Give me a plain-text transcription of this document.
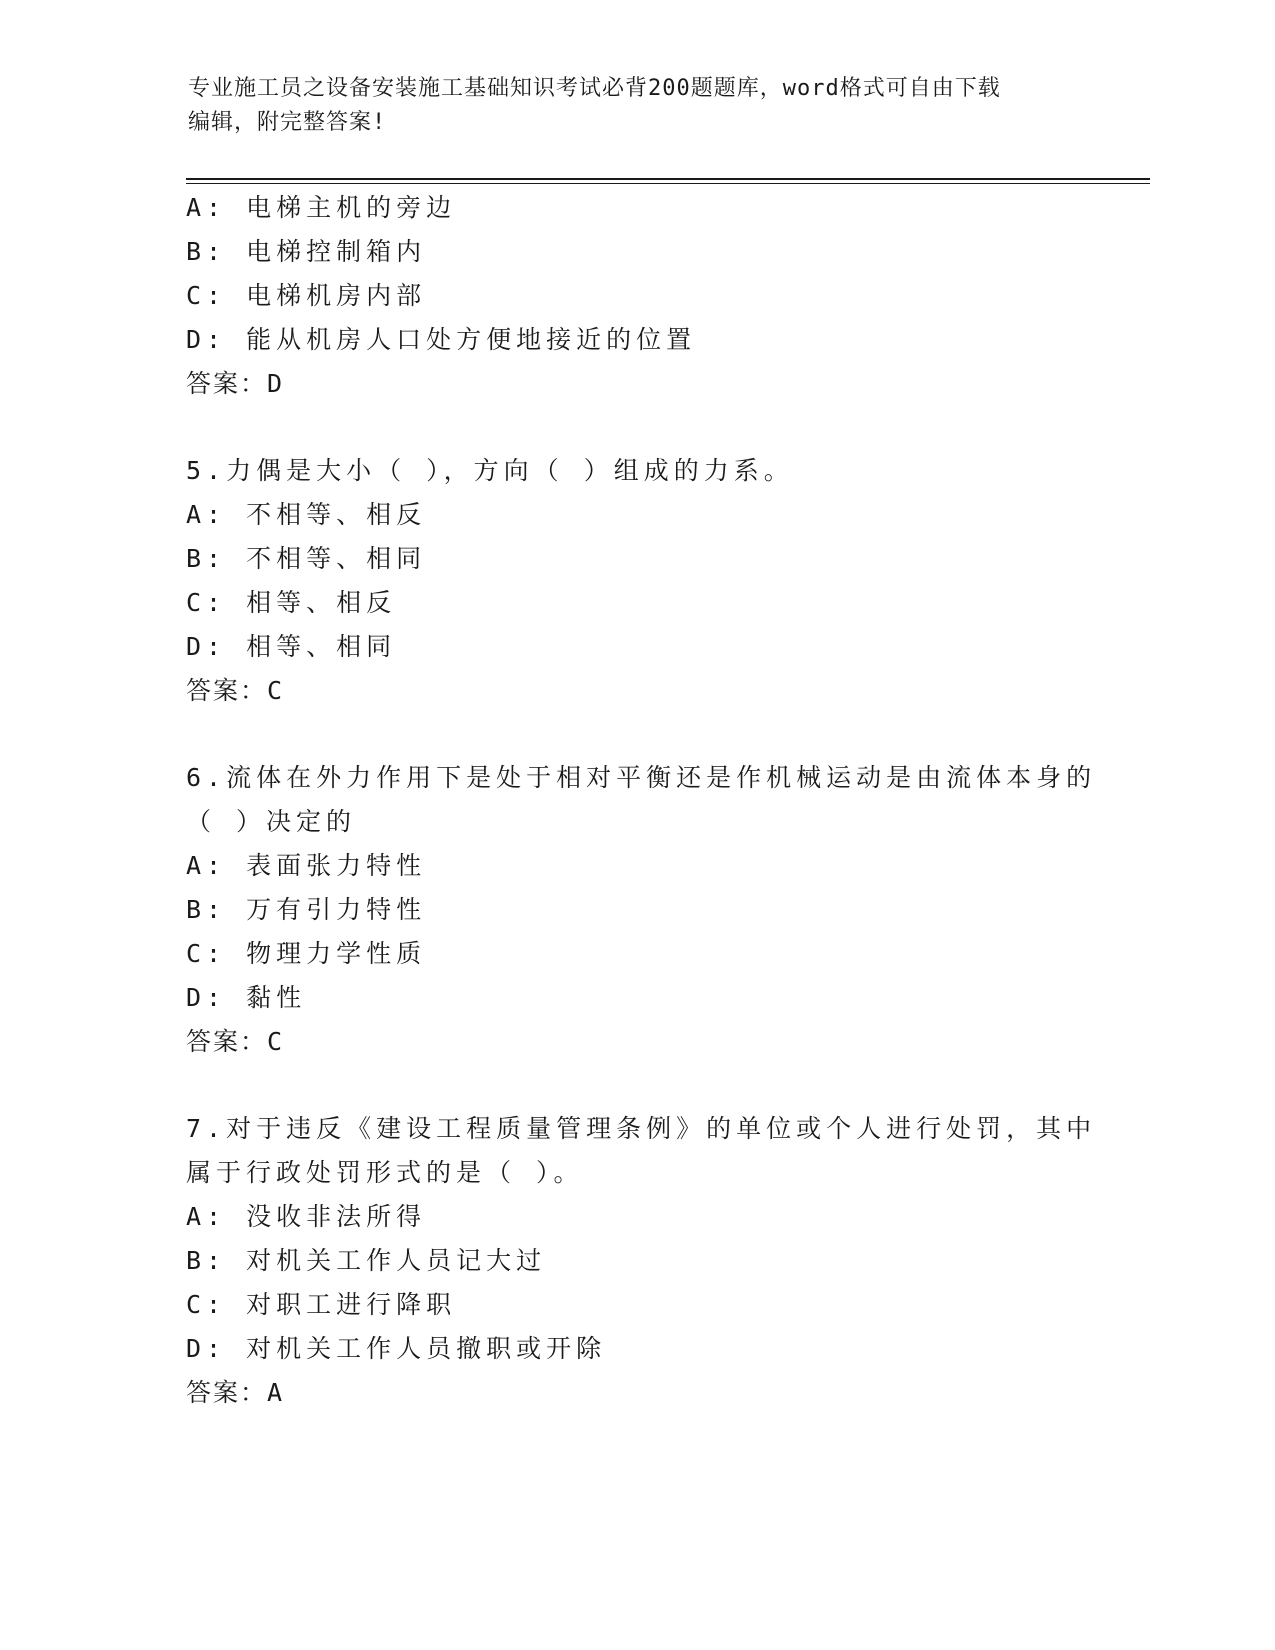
专业施工员之设备安装施工基础知识考试必背200题题库，word格式可自由下载
编辑，附完整答案!
A: 电梯主机的旁边
B: 电梯控制箱内
C: 电梯机房内部
D: 能从机房人口处方便地接近的位置
答案：D
5.力偶是大小（ ），方向（ ）组成的力系。
A: 不相等、相反
B: 不相等、相同
C: 相等、相反
D: 相等、相同
答案：C
6.流体在外力作用下是处于相对平衡还是作机械运动是由流体本身的
（ ）决定的
A: 表面张力特性
B: 万有引力特性
C: 物理力学性质
D: 黏性
答案：C
7.对于违反《建设工程质量管理条例》的单位或个人进行处罚，其中
属于行政处罚形式的是（ ）。
A: 没收非法所得
B: 对机关工作人员记大过
C: 对职工进行降职
D: 对机关工作人员撤职或开除
答案：A
